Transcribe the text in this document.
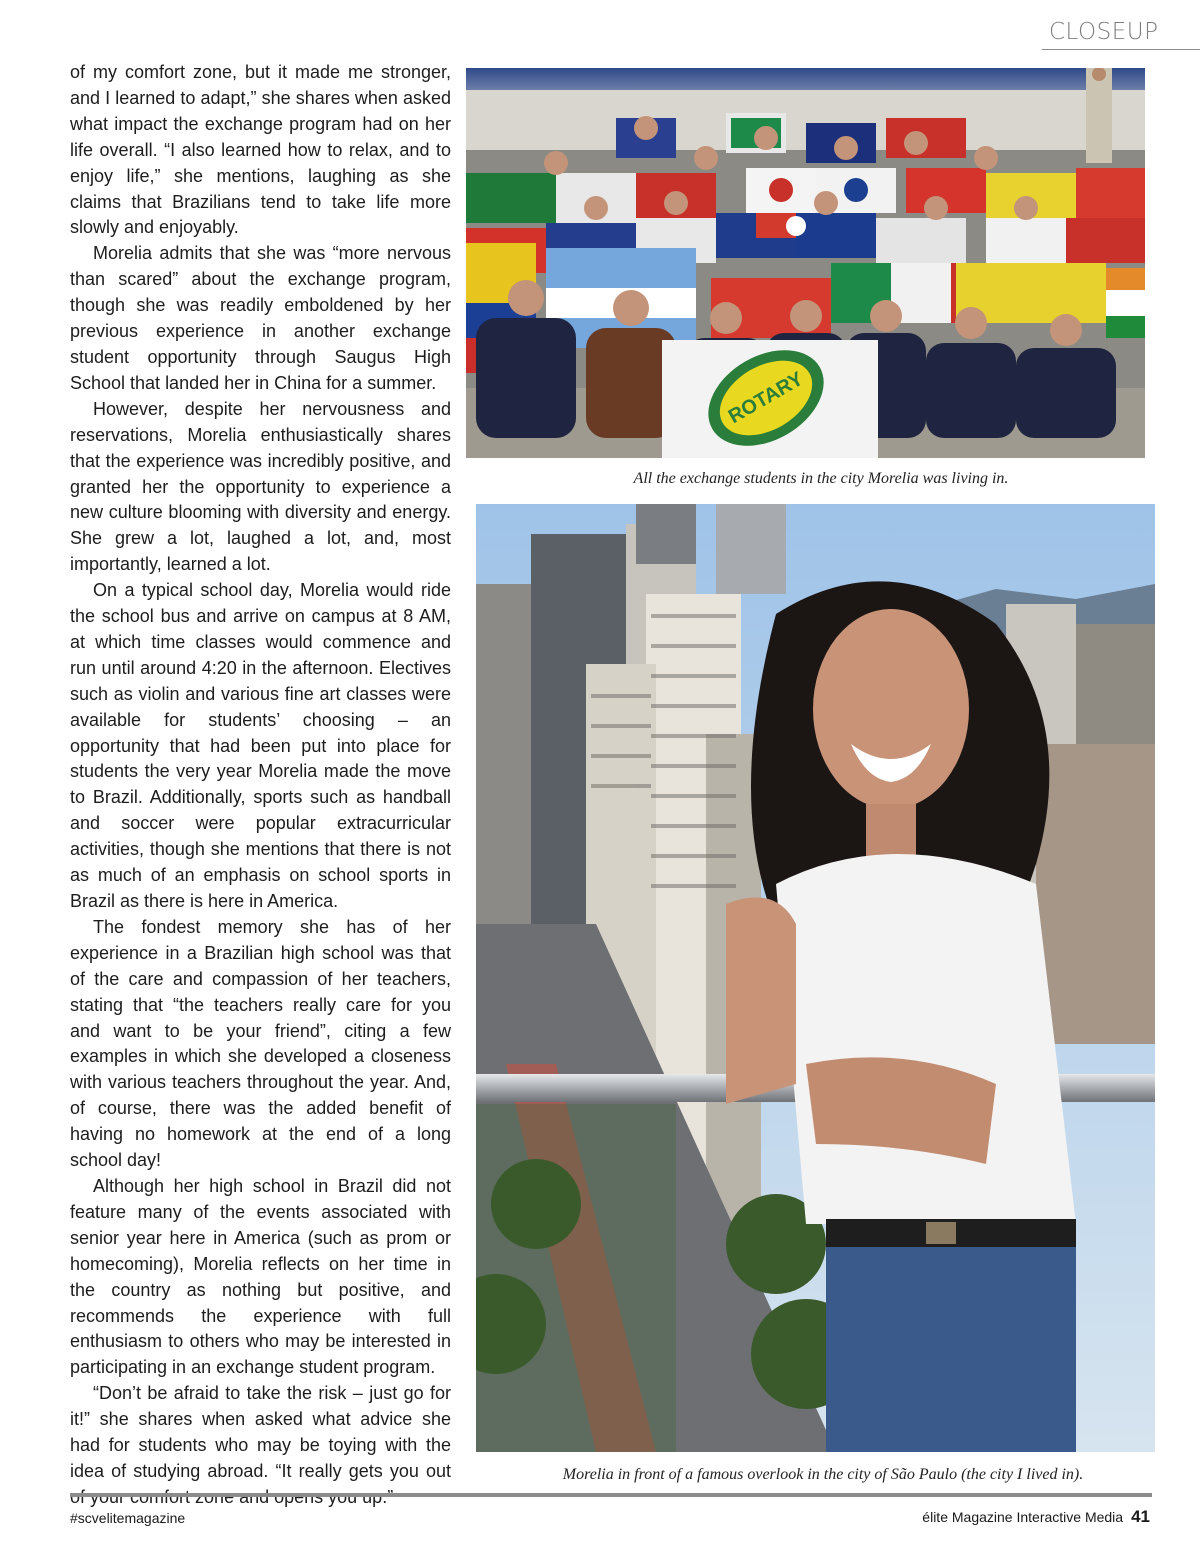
CLOSEUP

of my comfort zone, but it made me stronger, and I learned to adapt,” she shares when asked what impact the exchange program had on her life overall. “I also learned how to relax, and to enjoy life,” she mentions, laughing as she claims that Brazilians tend to take life more slowly and enjoyably.

Morelia admits that she was “more nervous than scared” about the exchange program, though she was readily emboldened by her previous experience in another exchange student opportunity through Saugus High School that landed her in China for a summer.

However, despite her nervousness and reservations, Morelia enthusiastically shares that the experience was incredibly positive, and granted her the opportunity to experience a new culture blooming with diversity and energy. She grew a lot, laughed a lot, and, most importantly, learned a lot.

On a typical school day, Morelia would ride the school bus and arrive on campus at 8 AM, at which time classes would commence and run until around 4:20 in the afternoon. Electives such as violin and various fine art classes were available for students’ choosing – an opportunity that had been put into place for students the very year Morelia made the move to Brazil. Additionally, sports such as handball and soccer were popular extracurricular activities, though she mentions that there is not as much of an emphasis on school sports in Brazil as there is here in America.

The fondest memory she has of her experience in a Brazilian high school was that of the care and compassion of her teachers, stating that “the teachers really care for you and want to be your friend”, citing a few examples in which she developed a closeness with various teachers throughout the year. And, of course, there was the added benefit of having no homework at the end of a long school day!

Although her high school in Brazil did not feature many of the events associated with senior year here in America (such as prom or homecoming), Morelia reflects on her time in the country as nothing but positive, and recommends the experience with full enthusiasm to others who may be interested in participating in an exchange student program.

“Don’t be afraid to take the risk – just go for it!” she shares when asked what advice she had for students who may be toying with the idea of studying abroad. “It really gets you out

ROTARY
All the exchange students in the city Morelia was living in.
Morelia in front of a famous overlook in the city of São Paulo (the city I lived in).
#scvelitemagazine	élite Magazine Interactive Media 41
